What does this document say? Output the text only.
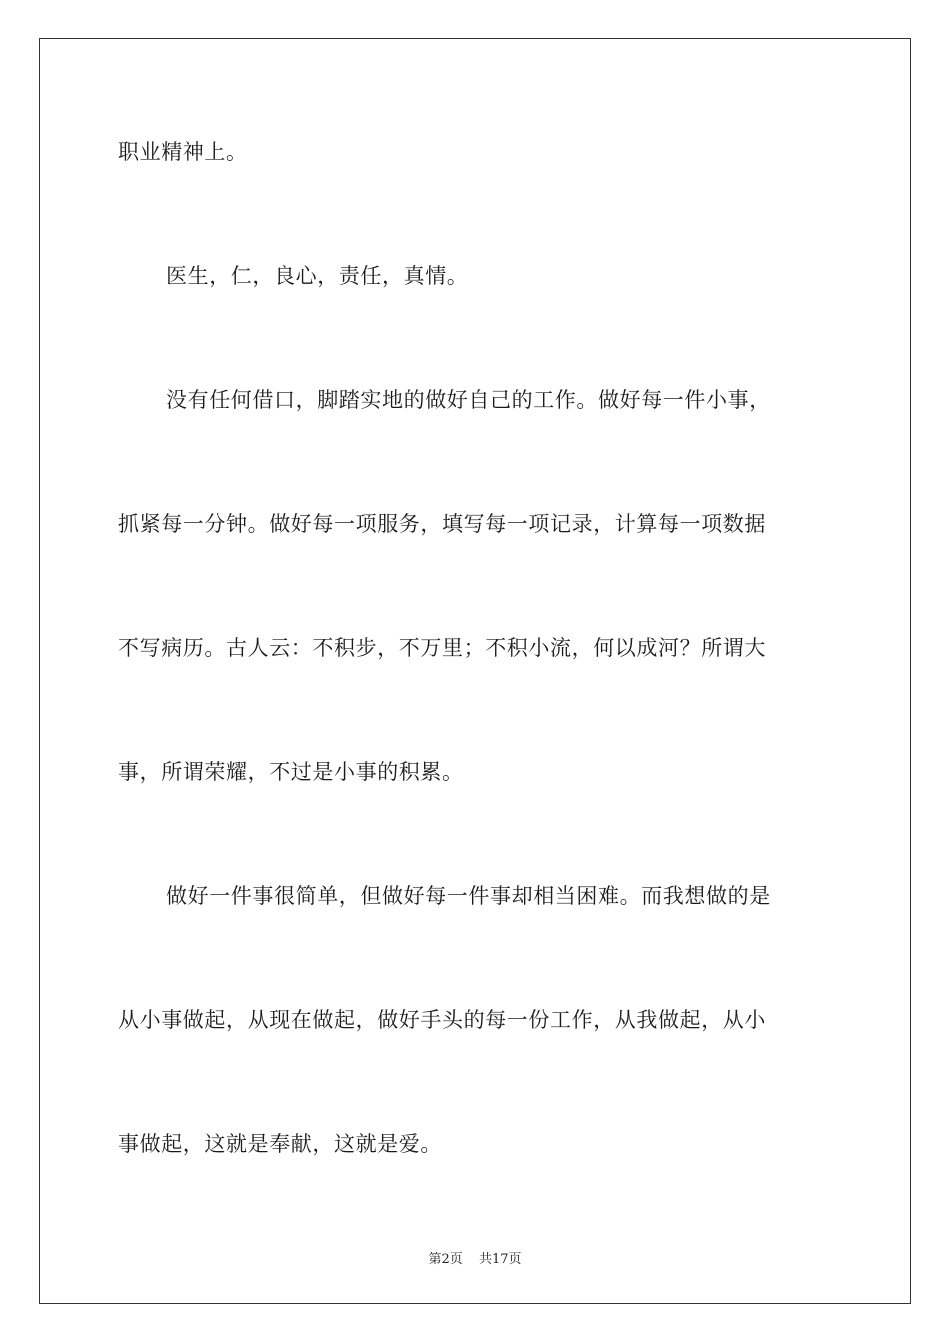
职业精神上。
医生，仁，良心，责任，真情。
没有任何借口，脚踏实地的做好自己的工作。做好每一件小事，
抓紧每一分钟。做好每一项服务，填写每一项记录，计算每一项数据
不写病历。古人云：不积步，不万里；不积小流，何以成河？所谓大
事，所谓荣耀，不过是小事的积累。
做好一件事很简单，但做好每一件事却相当困难。而我想做的是
从小事做起，从现在做起，做好手头的每一份工作，从我做起，从小
事做起，这就是奉献，这就是爱。
第2页 共17页
